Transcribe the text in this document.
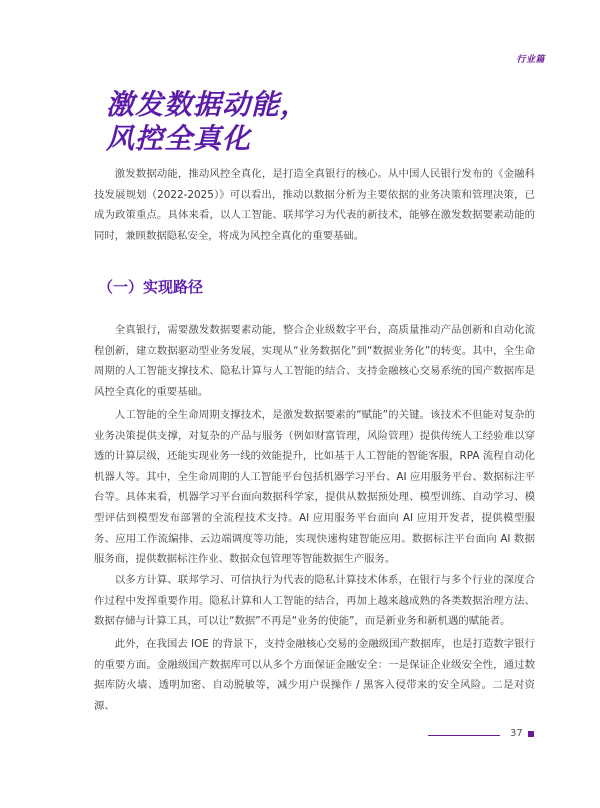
行业篇
激发数据动能，
风控全真化

激发数据动能，推动风控全真化，是打造全真银行的核心。从中国人民银行发布的《金融科技发展规划（2022-2025）》可以看出，推动以数据分析为主要依据的业务决策和管理决策，已成为政策重点。具体来看，以人工智能、联邦学习为代表的新技术，能够在激发数据要素动能的同时，兼顾数据隐私安全，将成为风控全真化的重要基础。

（一）实现路径

全真银行，需要激发数据要素动能，整合企业级数字平台，高质量推动产品创新和自动化流程创新，建立数据驱动型业务发展，实现从“业务数据化”到“数据业务化”的转变。其中，全生命周期的人工智能支撑技术、隐私计算与人工智能的结合、支持金融核心交易系统的国产数据库是风控全真化的重要基础。

人工智能的全生命周期支撑技术，是激发数据要素的“赋能”的关键。该技术不但能对复杂的业务决策提供支撑，对复杂的产品与服务（例如财富管理，风险管理）提供传统人工经验难以穿透的计算层级，还能实现业务一线的效能提升，比如基于人工智能的智能客服，RPA 流程自动化机器人等。其中，全生命周期的人工智能平台包括机器学习平台、AI 应用服务平台、数据标注平台等。具体来看，机器学习平台面向数据科学家，提供从数据预处理、模型训练、自动学习、模型评估到模型发布部署的全流程技术支持。AI 应用服务平台面向 AI 应用开发者，提供模型服务、应用工作流编排、云边端调度等功能，实现快速构建智能应用。数据标注平台面向 AI 数据服务商，提供数据标注作业、数据众包管理等智能数据生产服务。

以多方计算、联邦学习、可信执行为代表的隐私计算技术体系，在银行与多个行业的深度合作过程中发挥重要作用。隐私计算和人工智能的结合，再加上越来越成熟的各类数据治理方法、数据存储与计算工具，可以让“数据”不再是“业务的使能”，而是新业务和新机遇的赋能者。

此外，在我国去 IOE 的背景下，支持金融核心交易的金融级国产数据库，也是打造数字银行的重要方面。金融级国产数据库可以从多个方面保证金融安全：一是保证企业级安全性，通过数据库防火墙、透明加密、自动脱敏等，减少用户误操作 / 黑客入侵带来的安全风险。二是对资源、

37
